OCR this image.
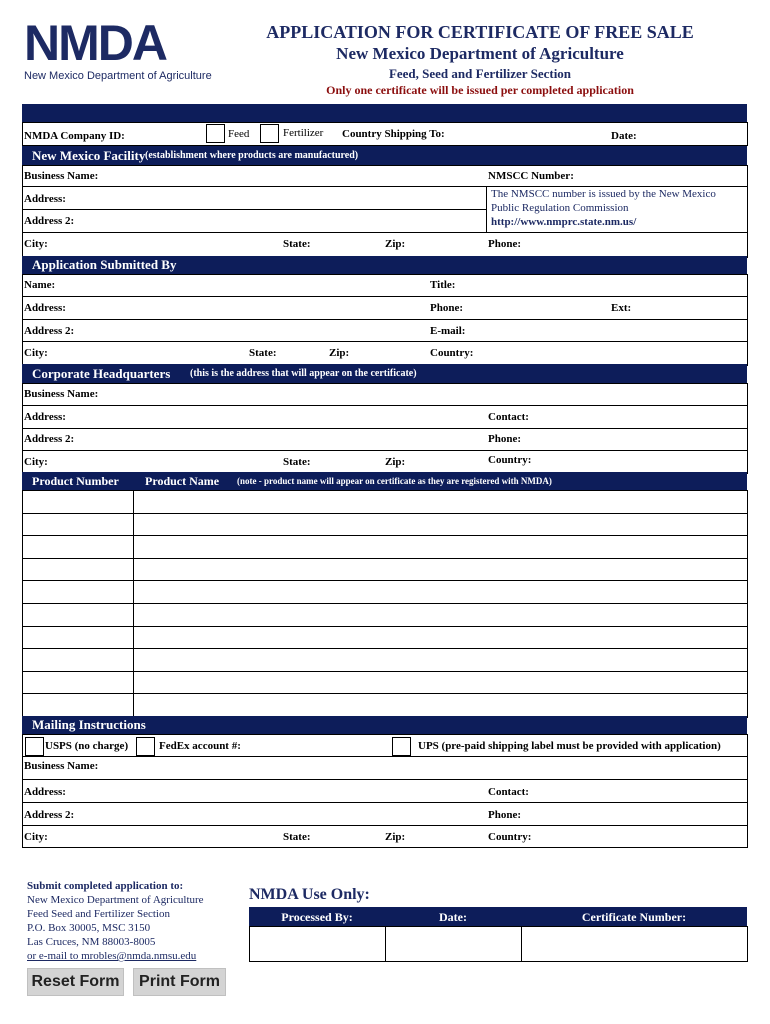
NMDA
New Mexico Department of Agriculture
APPLICATION FOR CERTIFICATE OF FREE SALE
New Mexico Department of Agriculture
Feed, Seed and Fertilizer Section
Only one certificate will be issued per completed application
NMDA Company ID:	Feed	Fertilizer Country Shipping To:	Date:
New Mexico Facility (establishment where products are manufactured)
Business Name:	NMSCC Number:
Address:
Address 2:
The NMSCC number is issued by the New Mexico
Public Regulation Commission
http://www.nmprc.state.nm.us/
City:	State:	Zip:	Phone:
Application Submitted By
Name:	Title:
Address:	Phone:	Ext:
Address 2:	E-mail:
City:	State:	Zip:	Country:
Corporate Headquarters (this is the address that will appear on the certificate)
Business Name:
Address:	Contact:
Address 2:	Phone:
City:	State:	Zip:	Country:
Product Number Product Name (note - product name will appear on certificate as they are registered with NMDA)
Mailing Instructions
USPS (no charge)	FedEx account #:	UPS (pre-paid shipping label must be provided with application)
Business Name:
Address:	Contact:
Address 2:	Phone:
City:	State:	Zip:	Country:
Submit completed application to:
New Mexico Department of Agriculture
Feed Seed and Fertilizer Section
P.O. Box 30005, MSC 3150
Las Cruces, NM 88003-8005
or e-mail to mrobles@nmda.nmsu.edu
NMDA Use Only:
Processed By:	Date:	Certificate Number:
Reset Form	Print Form
